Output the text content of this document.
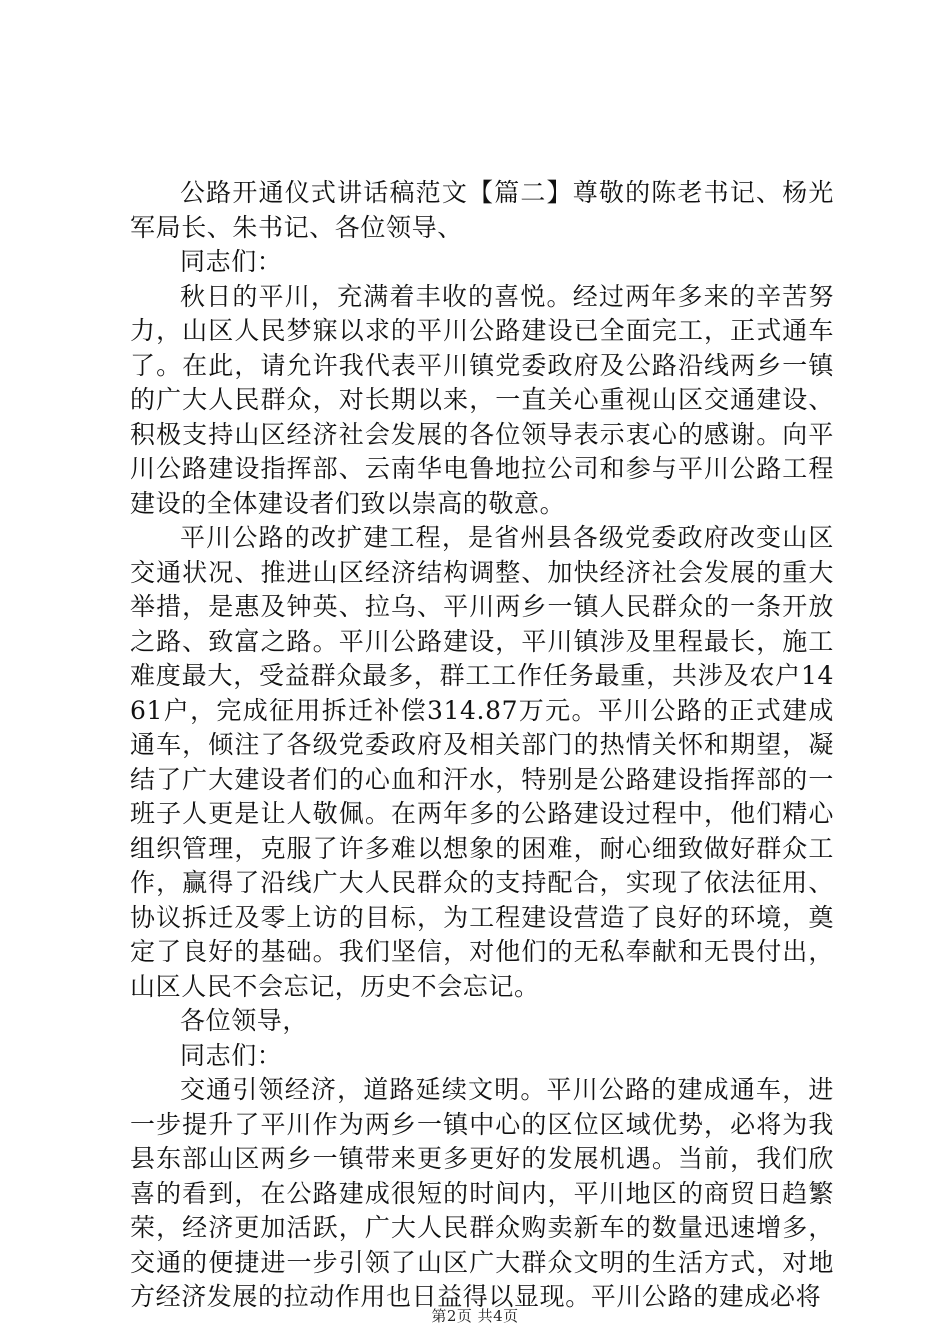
公路开通仪式讲话稿范文【篇二】尊敬的陈老书记、杨光军局长、朱书记、各位领导、

同志们：

秋日的平川，充满着丰收的喜悦。经过两年多来的辛苦努力，山区人民梦寐以求的平川公路建设已全面完工，正式通车了。在此，请允许我代表平川镇党委政府及公路沿线两乡一镇的广大人民群众，对长期以来，一直关心重视山区交通建设、积极支持山区经济社会发展的各位领导表示衷心的感谢。向平川公路建设指挥部、云南华电鲁地拉公司和参与平川公路工程建设的全体建设者们致以崇高的敬意。

平川公路的改扩建工程，是省州县各级党委政府改变山区交通状况、推进山区经济结构调整、加快经济社会发展的重大举措，是惠及钟英、拉乌、平川两乡一镇人民群众的一条开放之路、致富之路。平川公路建设，平川镇涉及里程最长，施工难度最大，受益群众最多，群工工作任务最重，共涉及农户1461户，完成征用拆迁补偿314.87万元。平川公路的正式建成通车，倾注了各级党委政府及相关部门的热情关怀和期望，凝结了广大建设者们的心血和汗水，特别是公路建设指挥部的一班子人更是让人敬佩。在两年多的公路建设过程中，他们精心组织管理，克服了许多难以想象的困难，耐心细致做好群众工作，赢得了沿线广大人民群众的支持配合，实现了依法征用、协议拆迁及零上访的目标，为工程建设营造了良好的环境，奠定了良好的基础。我们坚信，对他们的无私奉献和无畏付出，山区人民不会忘记，历史不会忘记。

各位领导，

同志们：

交通引领经济，道路延续文明。平川公路的建成通车，进一步提升了平川作为两乡一镇中心的区位区域优势，必将为我县东部山区两乡一镇带来更多更好的发展机遇。当前，我们欣喜的看到，在公路建成很短的时间内，平川地区的商贸日趋繁荣，经济更加活跃，广大人民群众购卖新车的数量迅速增多，交通的便捷进一步引领了山区广大群众文明的生活方式，对地方经济发展的拉动作用也日益得以显现。平川公路的建成必将

第2页 共4页
